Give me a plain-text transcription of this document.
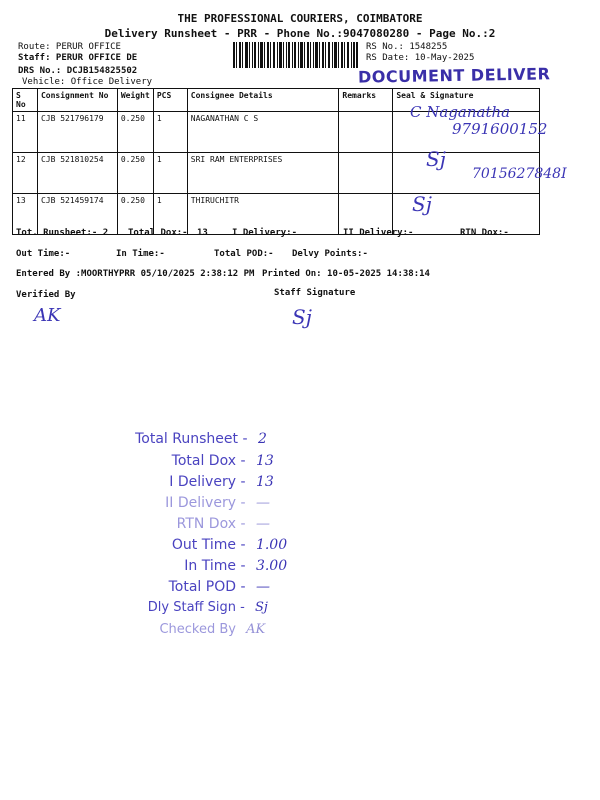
THE PROFESSIONAL COURIERS, COIMBATORE
Delivery Runsheet - PRR - Phone No.:9047080280 - Page No.:2
Route: PERUR OFFICE
Staff: PERUR OFFICE DE
DRS No.: DCJB154825502
Vehicle: Office Delivery
RS No.: 1548255
RS Date: 10-May-2025
DOCUMENT DELIVER
S No	Consignment No	Weight	PCS	Consignee Details	Remarks	Seal & Signature
11	CJB 521796179	0.250	1	NAGANATHAN C S		
12	CJB 521810254	0.250	1	SRI RAM ENTERPRISES		
13	CJB 521459174	0.250	1	THIRUCHITR		
C Naganatha
9791600152
Sj
7015627848I
Sj
Tot. Runsheet:- 2 Total Dox:- 13	I Delivery:-	II Delivery:-	RTN Dox:-
Out Time:-	In Time:-	Total POD:- Delvy Points:-
Entered By :MOORTHYPRR 05/10/2025 2:38:12 PM Printed On: 10-05-2025 14:38:14
Verified By	Staff Signature
AK	Sj
Total Runsheet - 2
Total Dox - 13
I Delivery - 13
II Delivery - —
RTN Dox - —
Out Time - 1.00
In Time - 3.00
Total POD - —
Dly Staff Sign - Sj
Checked By AK
